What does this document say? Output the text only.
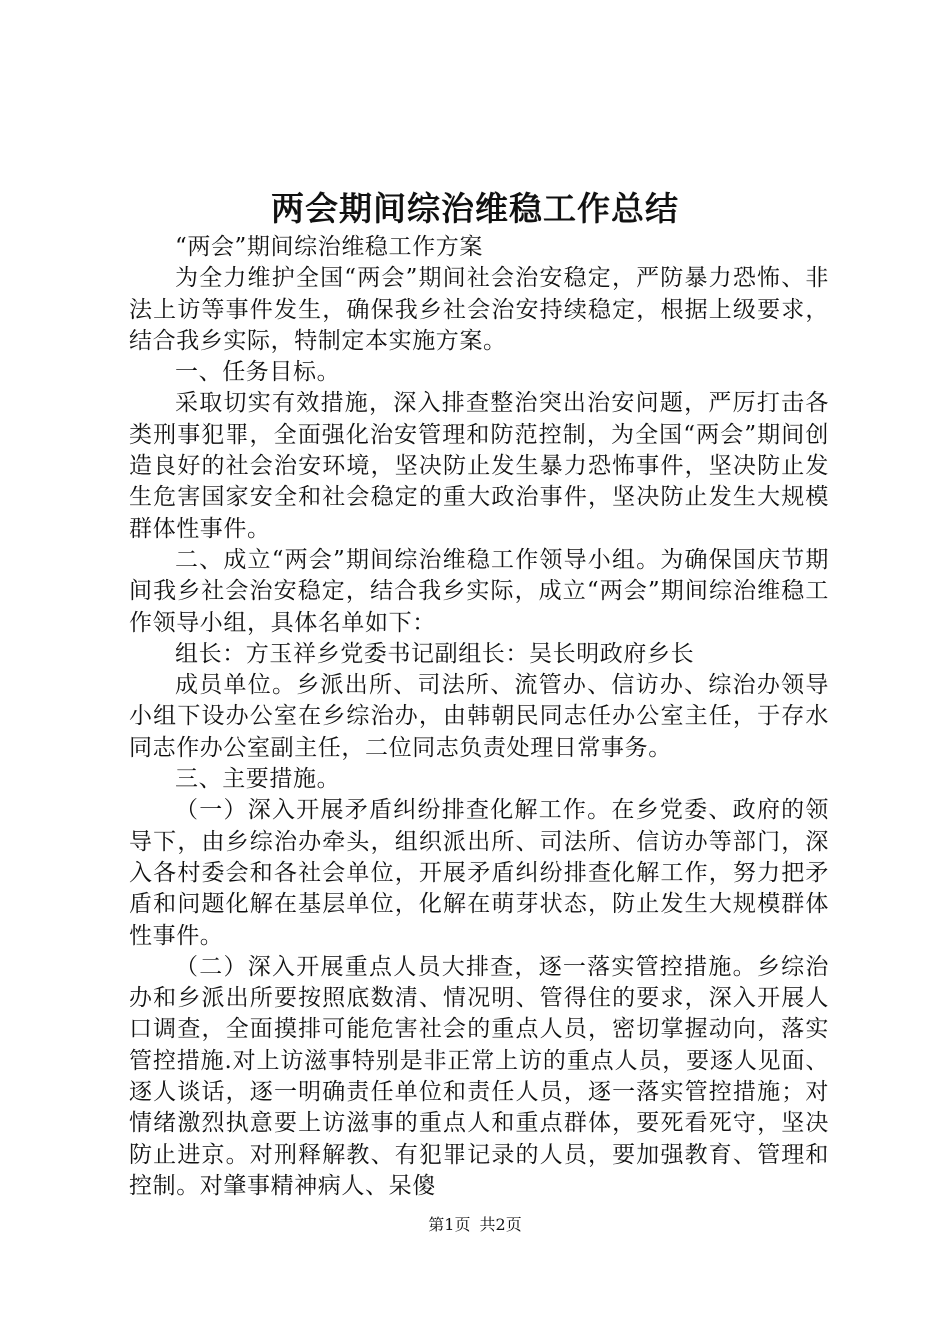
两会期间综治维稳工作总结

“两会”期间综治维稳工作方案

为全力维护全国“两会”期间社会治安稳定，严防暴力恐怖、非法上访等事件发生，确保我乡社会治安持续稳定，根据上级要求，结合我乡实际，特制定本实施方案。

一、任务目标。

采取切实有效措施，深入排查整治突出治安问题，严厉打击各类刑事犯罪，全面强化治安管理和防范控制，为全国“两会”期间创造良好的社会治安环境，坚决防止发生暴力恐怖事件，坚决防止发生危害国家安全和社会稳定的重大政治事件，坚决防止发生大规模群体性事件。

二、成立“两会”期间综治维稳工作领导小组。为确保国庆节期间我乡社会治安稳定，结合我乡实际，成立“两会”期间综治维稳工作领导小组，具体名单如下：

组长：方玉祥乡党委书记副组长：吴长明政府乡长

成员单位。乡派出所、司法所、流管办、信访办、综治办领导小组下设办公室在乡综治办，由韩朝民同志任办公室主任，于存水同志作办公室副主任，二位同志负责处理日常事务。

三、主要措施。

（一）深入开展矛盾纠纷排查化解工作。在乡党委、政府的领导下，由乡综治办牵头，组织派出所、司法所、信访办等部门，深入各村委会和各社会单位，开展矛盾纠纷排查化解工作，努力把矛盾和问题化解在基层单位，化解在萌芽状态，防止发生大规模群体性事件。

（二）深入开展重点人员大排查，逐一落实管控措施。乡综治办和乡派出所要按照底数清、情况明、管得住的要求，深入开展人口调查，全面摸排可能危害社会的重点人员，密切掌握动向，落实管控措施.对上访滋事特别是非正常上访的重点人员，要逐人见面、逐人谈话，逐一明确责任单位和责任人员，逐一落实管控措施；对情绪激烈执意要上访滋事的重点人和重点群体，要死看死守，坚决防止进京。对刑释解教、有犯罪记录的人员，要加强教育、管理和控制。对肇事精神病人、呆傻

第1页 共2页
